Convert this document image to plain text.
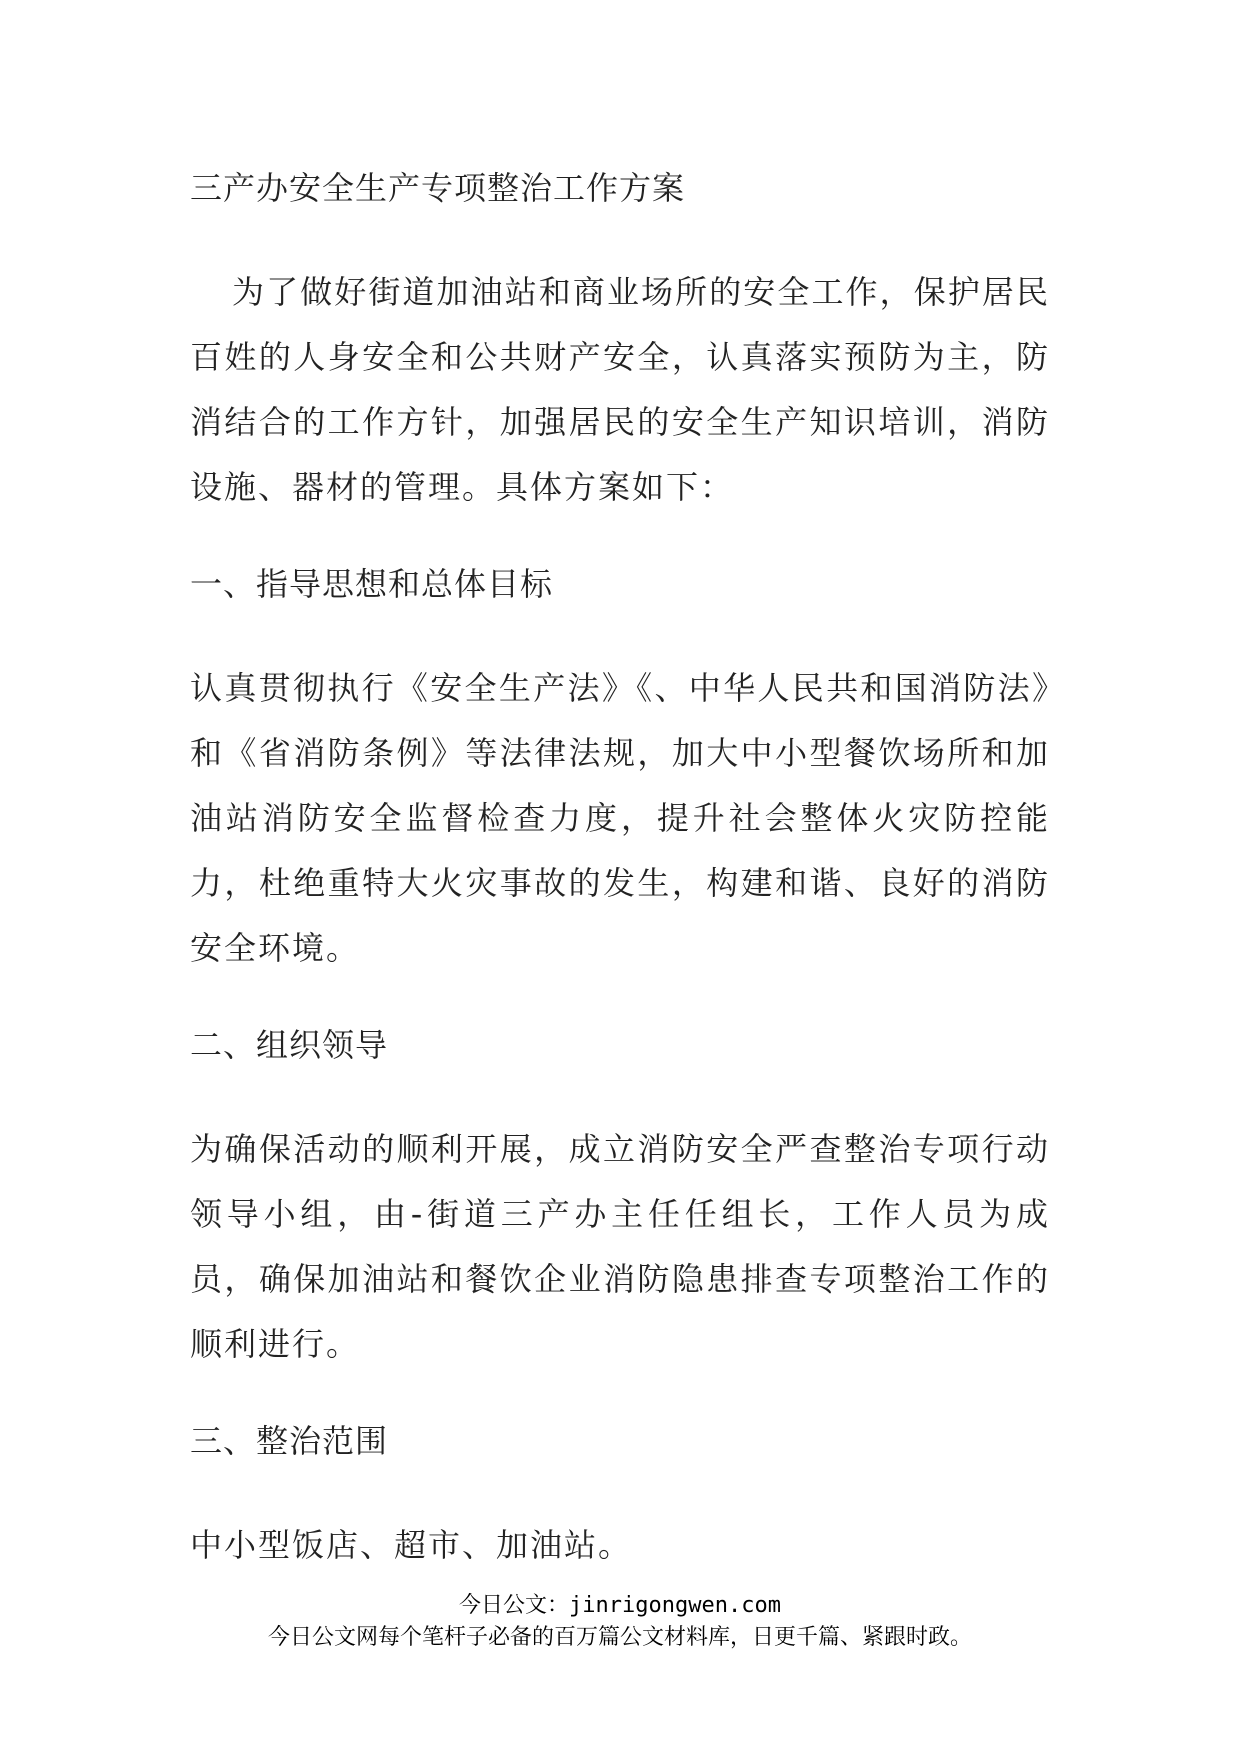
三产办安全生产专项整治工作方案
为了做好街道加油站和商业场所的安全工作，保护居民百姓的人身安全和公共财产安全，认真落实预防为主，防消结合的工作方针，加强居民的安全生产知识培训，消防设施、器材的管理。具体方案如下：
一、指导思想和总体目标
认真贯彻执行《安全生产法》《、中华人民共和国消防法》和《省消防条例》等法律法规，加大中小型餐饮场所和加油站消防安全监督检查力度，提升社会整体火灾防控能力，杜绝重特大火灾事故的发生，构建和谐、良好的消防安全环境。
二、组织领导
为确保活动的顺利开展，成立消防安全严查整治专项行动领导小组，由-街道三产办主任任组长，工作人员为成员，确保加油站和餐饮企业消防隐患排查专项整治工作的顺利进行。
三、整治范围
中小型饭店、超市、加油站。
今日公文：jinrigongwen.com
今日公文网每个笔杆子必备的百万篇公文材料库，日更千篇、紧跟时政。
